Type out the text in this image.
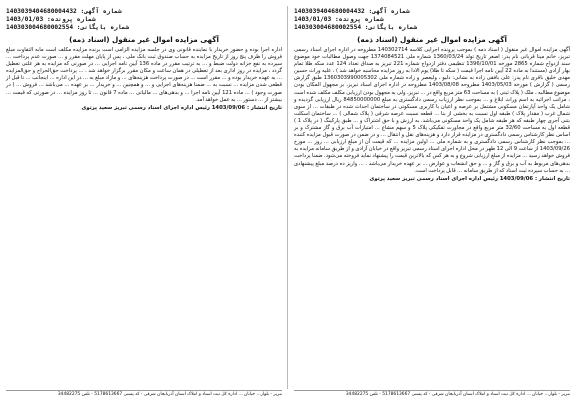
شماره آگهی: 1403039404680004432
شماره پرونده: 1403/01/03
شماره بایگانی: 140303004680002554
آگهی مزایده اموال غیر منقول (اسناد ذمه)
اداره اجرا بوده و حضور خریدار با نماینده قانونی وی در جلسه مزایده الزامی است برنده مزایده مکلف است مابه التفاوت مبلغ فروش را ظرف پنج روز از تاریخ مزایده به حساب صندوق ثبت بانک ملی ، پس از پایان مهلت مقرر و ... صورت عدم پرداخت ... سپرده به نفع خزانه دولت ضبط و ... به ترتیب مقرر در ماده 136 آیین نامه اجرایی ... در صورتی که مزایده به هر علتی تعطیل گردد ، مزایده در روز اداری بعد از تعطیلی در همان ساعت و مکان مقرر برگزار خواهد شد . ... پرداخت حق‌الحراج و حق‌المزایده ... به عهده خریدار بوده و ... مقرر است ... در صورت پرداخت هزینه‌های ... و مازاد مبلغ به ... در این اداره ... اینجانب ... تا قبل از قطعی شدن مزایده ... نسبت به ... ضمنا هزینه‌های اجرایی و ... و همچنین ... و خریدار ... بر عهده ... می‌باشد ... فروش ... ( در صورت وجود ) ... ماده 121 آیین نامه اجرا ... و بدهی‌های ... مالیاتی ... ماده 7 قانون ... تا روز مزایده ... در صورتی که قیمت ... بیشتر از ... دستور ... به عمل خواهد آمد.
تاریخ انتشار : 1403/09/06 رئیس اداره اجرای اسناد رسمی تبریز سعید پرتوی
شماره آگهی: 1403039404680004432
شماره پرونده: 1403/01/03
شماره بایگانی: 140303004680002554
آگهی مزایده اموال غیر منقول (اسناد ذمه)
آگهی مزایده اموال غیر منقول ( اسناد ذمه ) بموجب پرونده اجرایی کلاسه 140302714 مطروحه در اداره اجرای اسناد رسمی تبریز، خانم مینا قربانی نام پدر: اصغر تاریخ تولد 1360/03/24 شماره ملی 1374084521 جهت وصول مطالبات خود موضوع سند ازدواج شماره 2865 مورخه 1396/10/01 تنظیمی دفتر ازدواج شماره 221 تبریز به صداق تعداد 124 عدد سکه طلا تمام بهار آزادی (مستندا به ماده 22 آیین نامه اجرا قیمت ( سکه تا طلا) یوم الادا به روز مزایده محاسبه خواهد شد ) ، علیه وراث حسین مهدی خلیق باقری نام پدر: علی بافقی زاده به نشانی: دلیو ، ولیعصر و زاده شماره ملی 1360303990005302 طبق گزارش رسمی ( گزارش ) مورخه 1403/05/03 مطروحه 1403/08/08 مطروحه در اداره اجرای اسناد تبریز، بر مجهول المکان بودن موضوع مطالبه ، ملک ( پلاک ثبتی ) به مساحت 63 متر مربع واقع در ... تبریز، ولی به مجهول بودن ارزیابی مکلف مکلف شده است ، مراتب اجرائیه به اسم وراث ابلاغ و ... بموجب نظر ارزیاب رسمی دادگستری به مبلغ 84850000000 ریال ارزیابی گردیده و شامل یک واحد آپارتمان مسکونی مشتمل بر عرصه و اعیان با کاربری مسکونی در ساختمان احداث شده در طبقات ... از سوی شمال غرب ( مقدار پلاک ) طبقه اول نسبت به بخشی از بنا ... قطعه نسبت عرصه شرقی ( پلاک شمالی ) ... ساختمان اسکلت بتنی آجری چهار طبقه که هر طبقه شامل یک واحد مسکونی می‌باشد. به ارزش و با حق اشتراک و ... طبق پارکینگ ( در پلاک 1 ) قطعه اول به مساحت 32/60 متر مربع واقع در مجاورت تفکیکی پلاک 5 و سهم مشاع ... امتیازات آب برق و گاز مشترک و بر اساس نظر کارشناس رسمی دادگستری در مزایده قرار دارد و هزینه‌های نقل و انتقال ... و در ضمن در صورت قبول مزایده کننده ... بموجب نظر کارشناس رسمی دادگستری و به شماره ملی ... اولین مزایده ... که قیمت آن از مبلغ ارزیابی ... روز ... مورخ 1403/09/26 از ساعت 9 الی 12 ظهر در محل اداره اجرای اسناد رسمی تبریز واقع در خیابان آزادی و از طریق سامانه مزایده به فروش خواهد رسید ... مزایده از مبلغ ارزیابی شروع و به هر کس که بالاترین قیمت را پیشنهاد نماید فروخته می‌شود. ضمنا پرداخت بدهی‌های مربوط به آب و برق و گاز و ... و حق انشعاب و عوارض ... بر عهده خریدار می‌باشد . ... واریز ده درصد مبلغ پیشنهادی ... به حساب سپرده ثبت اسناد که از طریق سامانه ... قابل پرداخت است.
تاریخ انتشار : 1403/09/06 رئیس اداره اجرای اسناد رسمی تبریز سعید پرتوی
تبریز - بلوار... خیابان ... اداره کل ثبت اسناد و املاک استان آذربایجان شرقی - کد پستی 5178613667 - تلفن 34482275	تبریز - بلوار... خیابان ... اداره کل ثبت اسناد و املاک استان آذربایجان شرقی - کد پستی 5178613667 - تلفن 34482275
